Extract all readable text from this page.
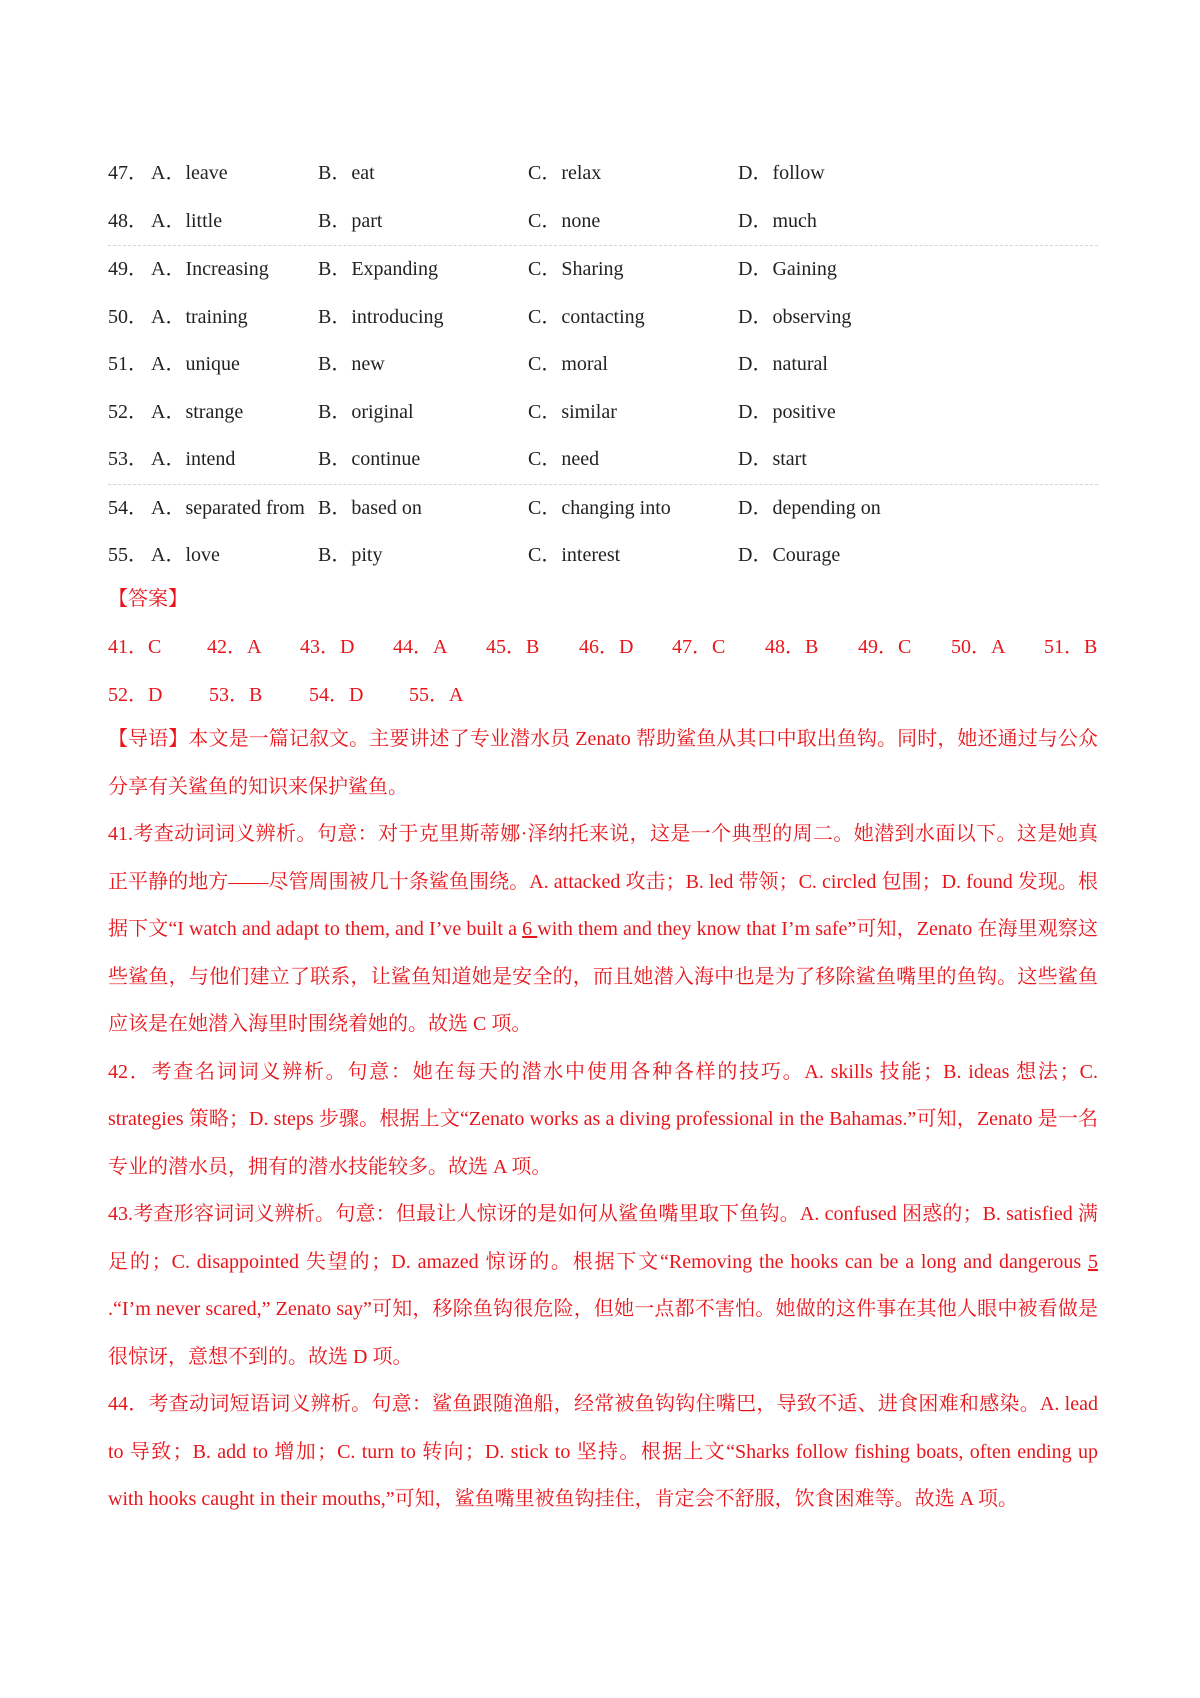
47． A．leave	B．eat	C．relax	D．follow
48． A．little	B．part	C．none	D．much
49． A．Increasing B．Expanding	C．Sharing	D．Gaining
50． A．training	B．introducing	C．contacting	D．observing
51． A．unique	B．new	C．moral	D．natural
52． A．strange	B．original	C．similar	D．positive
53． A．intend	B．continue	C．need	D．start
54． A．separated from B．based on	C．changing into	D．depending on
55． A．love	B．pity	C．interest	D．Courage
【答案】
41．C 42．A 43．D 44．A 45．B 46．D 47．C 48．B 49．C 50．A 51．B
52．D 53．B 54．D 55．A

【导语】本文是一篇记叙文。主要讲述了专业潜水员 Zenato 帮助鲨鱼从其口中取出鱼钩。同时，她还通过与公众分享有关鲨鱼的知识来保护鲨鱼。

41.考查动词词义辨析。句意：对于克里斯蒂娜·泽纳托来说，这是一个典型的周二。她潜到水面以下。这是她真正平静的地方——尽管周围被几十条鲨鱼围绕。A. attacked 攻击；B. led 带领；C. circled 包围；D. found 发现。根据下文“I watch and adapt to them, and I’ve built a 6 with them and they know that I’m safe”可知，Zenato 在海里观察这些鲨鱼，与他们建立了联系，让鲨鱼知道她是安全的，而且她潜入海中也是为了移除鲨鱼嘴里的鱼钩。这些鲨鱼应该是在她潜入海里时围绕着她的。故选 C 项。

42．考查名词词义辨析。句意：她在每天的潜水中使用各种各样的技巧。A. skills 技能；B. ideas 想法；C. strategies 策略；D. steps 步骤。根据上文“Zenato works as a diving professional in the Bahamas.”可知，Zenato 是一名专业的潜水员，拥有的潜水技能较多。故选 A 项。

43.考查形容词词义辨析。句意：但最让人惊讶的是如何从鲨鱼嘴里取下鱼钩。A. confused 困惑的；B. satisfied 满足的；C. disappointed 失望的；D. amazed 惊讶的。根据下文“Removing the hooks can be a long and dangerous 5 .“I’m never scared,” Zenato say”可知，移除鱼钩很危险，但她一点都不害怕。她做的这件事在其他人眼中被看做是很惊讶，意想不到的。故选 D 项。

44．考查动词短语词义辨析。句意：鲨鱼跟随渔船，经常被鱼钩钩住嘴巴，导致不适、进食困难和感染。A. lead to 导致；B. add to 增加；C. turn to 转向；D. stick to 坚持。根据上文“Sharks follow fishing boats, often ending up with hooks caught in their mouths,”可知，鲨鱼嘴里被鱼钩挂住，肯定会不舒服，饮食困难等。故选 A 项。
